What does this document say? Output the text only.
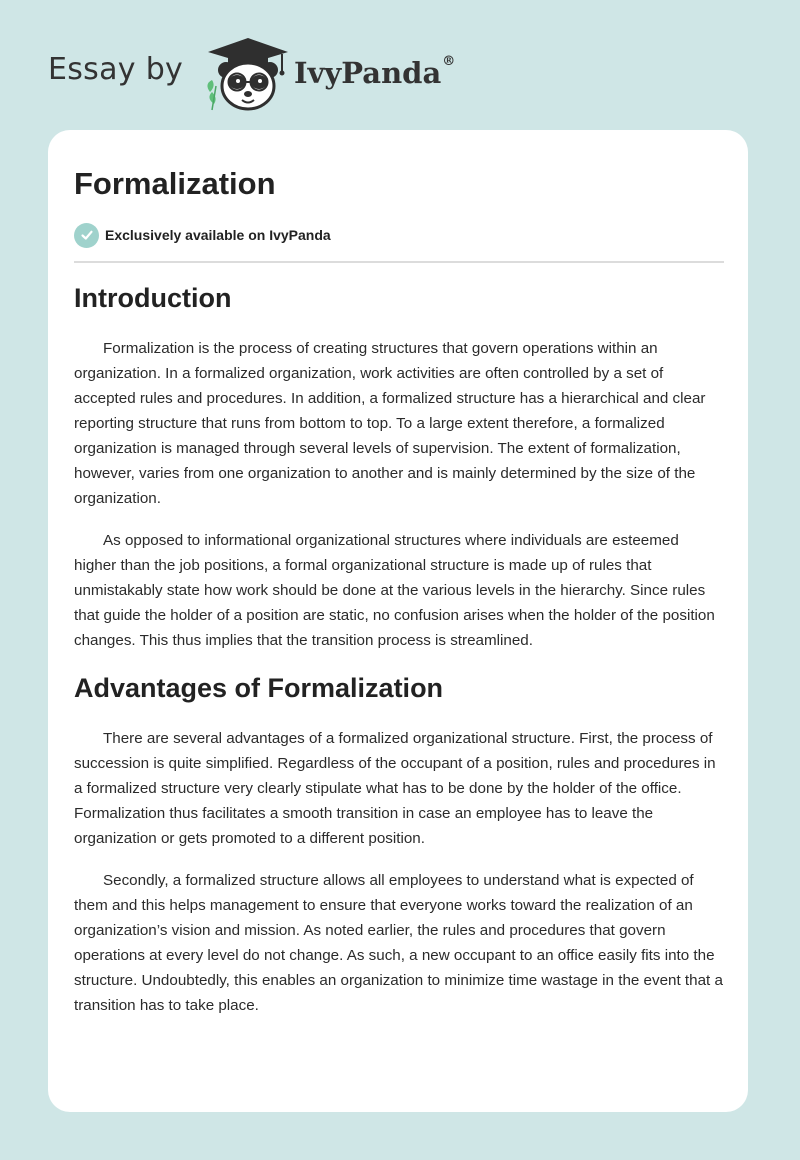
Essay by	IvyPanda®
Formalization
Exclusively available on IvyPanda
Introduction

Formalization is the process of creating structures that govern operations within an organization. In a formalized organization, work activities are often controlled by a set of accepted rules and procedures. In addition, a formalized structure has a hierarchical and clear reporting structure that runs from bottom to top. To a large extent therefore, a formalized organization is managed through several levels of supervision. The extent of formalization, however, varies from one organization to another and is mainly determined by the size of the organization.

As opposed to informational organizational structures where individuals are esteemed higher than the job positions, a formal organizational structure is made up of rules that unmistakably state how work should be done at the various levels in the hierarchy. Since rules that guide the holder of a position are static, no confusion arises when the holder of the position changes. This thus implies that the transition process is streamlined.

Advantages of Formalization

There are several advantages of a formalized organizational structure. First, the process of succession is quite simplified. Regardless of the occupant of a position, rules and procedures in a formalized structure very clearly stipulate what has to be done by the holder of the office. Formalization thus facilitates a smooth transition in case an employee has to leave the organization or gets promoted to a different position.

Secondly, a formalized structure allows all employees to understand what is expected of them and this helps management to ensure that everyone works toward the realization of an organization’s vision and mission. As noted earlier, the rules and procedures that govern operations at every level do not change. As such, a new occupant to an office easily fits into the structure. Undoubtedly, this enables an organization to minimize time wastage in the event that a transition has to take place.
